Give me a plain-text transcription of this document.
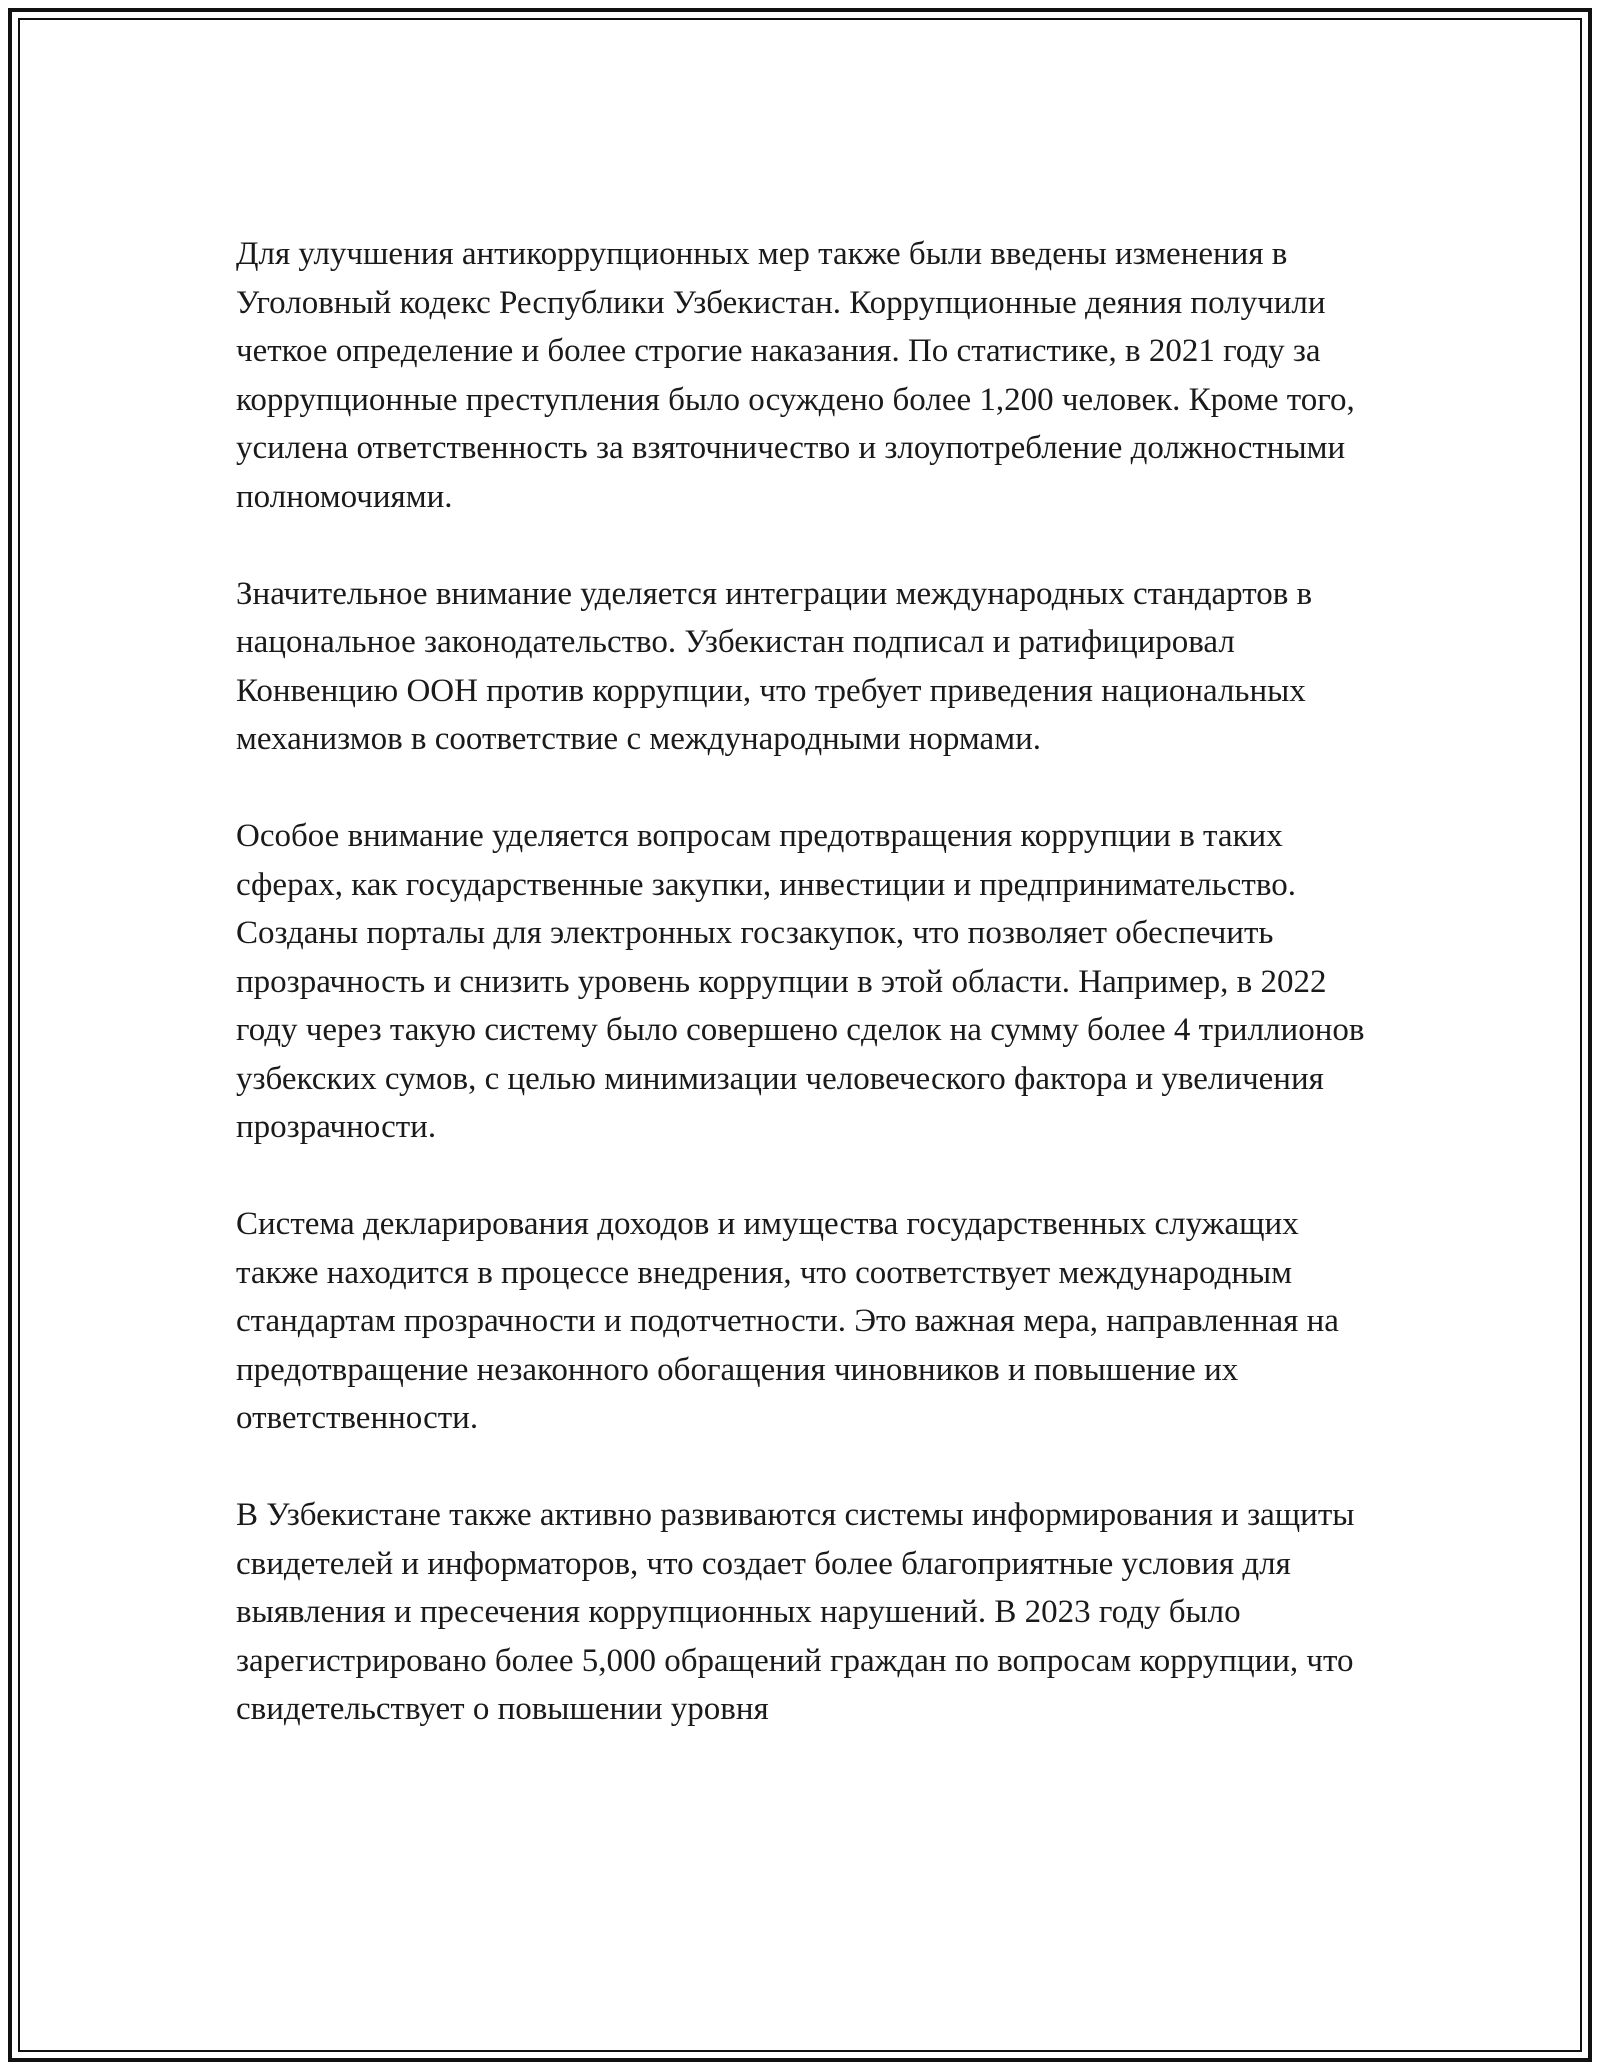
Для улучшения антикоррупционных мер также были введены изменения в Уголовный кодекс Республики Узбекистан. Коррупционные деяния получили четкое определение и более строгие наказания. По статистике, в 2021 году за коррупционные преступления было осуждено более 1,200 человек. Кроме того, усилена ответственность за взяточничество и злоупотребление должностными полномочиями.

Значительное внимание уделяется интеграции международных стандартов в нацональное законодательство. Узбекистан подписал и ратифицировал Конвенцию ООН против коррупции, что требует приведения национальных механизмов в соответствие с международными нормами.

Особое внимание уделяется вопросам предотвращения коррупции в таких сферах, как государственные закупки, инвестиции и предпринимательство. Созданы порталы для электронных госзакупок, что позволяет обеспечить прозрачность и снизить уровень коррупции в этой области. Например, в 2022 году через такую систему было совершено сделок на сумму более 4 триллионов узбекских сумов, с целью минимизации человеческого фактора и увеличения прозрачности.

Система декларирования доходов и имущества государственных служащих также находится в процессе внедрения, что соответствует международным стандартам прозрачности и подотчетности. Это важная мера, направленная на предотвращение незаконного обогащения чиновников и повышение их ответственности.

В Узбекистане также активно развиваются системы информирования и защиты свидетелей и информаторов, что создает более благоприятные условия для выявления и пресечения коррупционных нарушений. В 2023 году было зарегистрировано более 5,000 обращений граждан по вопросам коррупции, что свидетельствует о повышении уровня
